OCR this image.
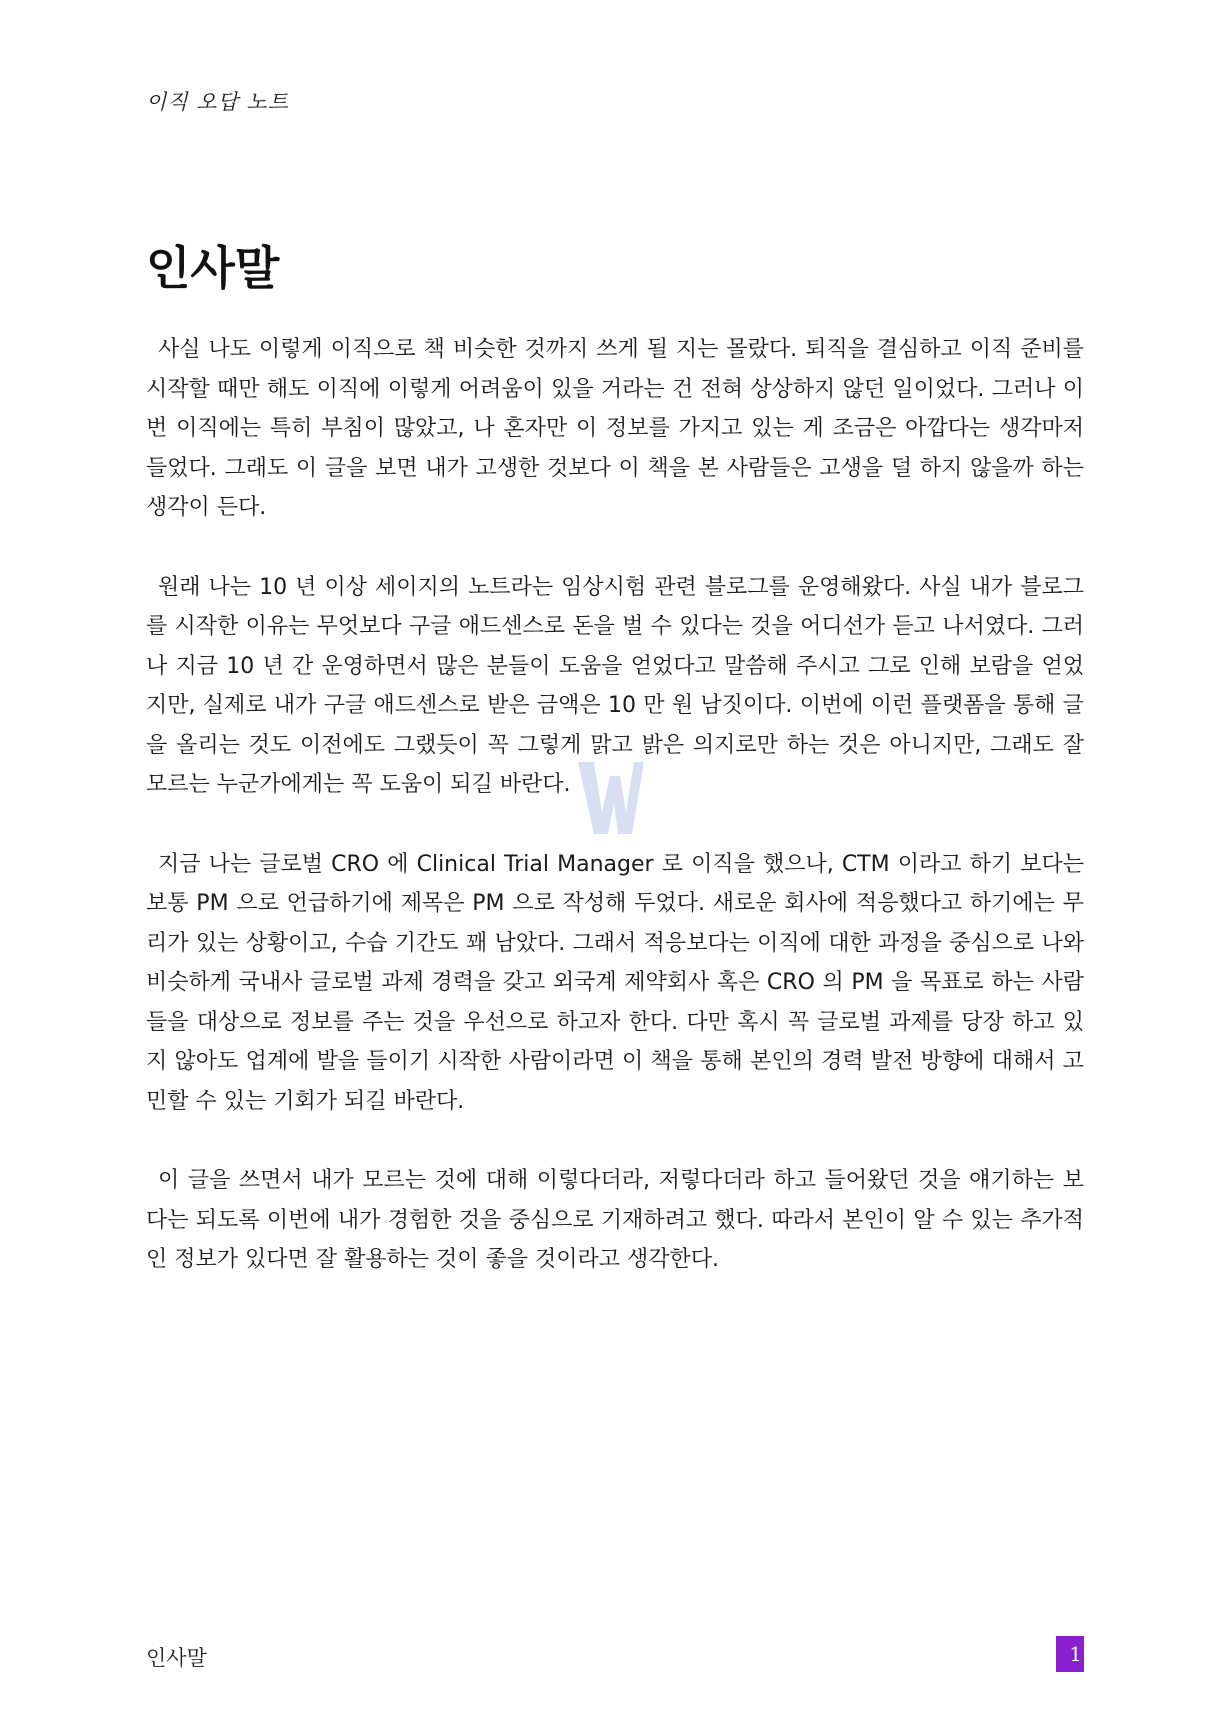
이직 오답 노트
인사말

사실 나도 이렇게 이직으로 책 비슷한 것까지 쓰게 될 지는 몰랐다. 퇴직을 결심하고 이직 준비를 시작할 때만 해도 이직에 이렇게 어려움이 있을 거라는 건 전혀 상상하지 않던 일이었다. 그러나 이번 이직에는 특히 부침이 많았고, 나 혼자만 이 정보를 가지고 있는 게 조금은 아깝다는 생각마저 들었다. 그래도 이 글을 보면 내가 고생한 것보다 이 책을 본 사람들은 고생을 덜 하지 않을까 하는 생각이 든다.

원래 나는 10 년 이상 세이지의 노트라는 임상시험 관련 블로그를 운영해왔다. 사실 내가 블로그를 시작한 이유는 무엇보다 구글 애드센스로 돈을 벌 수 있다는 것을 어디선가 듣고 나서였다. 그러나 지금 10 년 간 운영하면서 많은 분들이 도움을 얻었다고 말씀해 주시고 그로 인해 보람을 얻었지만, 실제로 내가 구글 애드센스로 받은 금액은 10 만 원 남짓이다. 이번에 이런 플랫폼을 통해 글을 올리는 것도 이전에도 그랬듯이 꼭 그렇게 맑고 밝은 의지로만 하는 것은 아니지만, 그래도 잘 모르는 누군가에게는 꼭 도움이 되길 바란다.

지금 나는 글로벌 CRO 에 Clinical Trial Manager 로 이직을 했으나, CTM 이라고 하기 보다는 보통 PM 으로 언급하기에 제목은 PM 으로 작성해 두었다. 새로운 회사에 적응했다고 하기에는 무리가 있는 상황이고, 수습 기간도 꽤 남았다. 그래서 적응보다는 이직에 대한 과정을 중심으로 나와 비슷하게 국내사 글로벌 과제 경력을 갖고 외국계 제약회사 혹은 CRO 의 PM 을 목표로 하는 사람들을 대상으로 정보를 주는 것을 우선으로 하고자 한다. 다만 혹시 꼭 글로벌 과제를 당장 하고 있지 않아도 업계에 발을 들이기 시작한 사람이라면 이 책을 통해 본인의 경력 발전 방향에 대해서 고민할 수 있는 기회가 되길 바란다.

이 글을 쓰면서 내가 모르는 것에 대해 이렇다더라, 저렇다더라 하고 들어왔던 것을 얘기하는 보다는 되도록 이번에 내가 경험한 것을 중심으로 기재하려고 했다. 따라서 본인이 알 수 있는 추가적인 정보가 있다면 잘 활용하는 것이 좋을 것이라고 생각한다.

인사말	1
